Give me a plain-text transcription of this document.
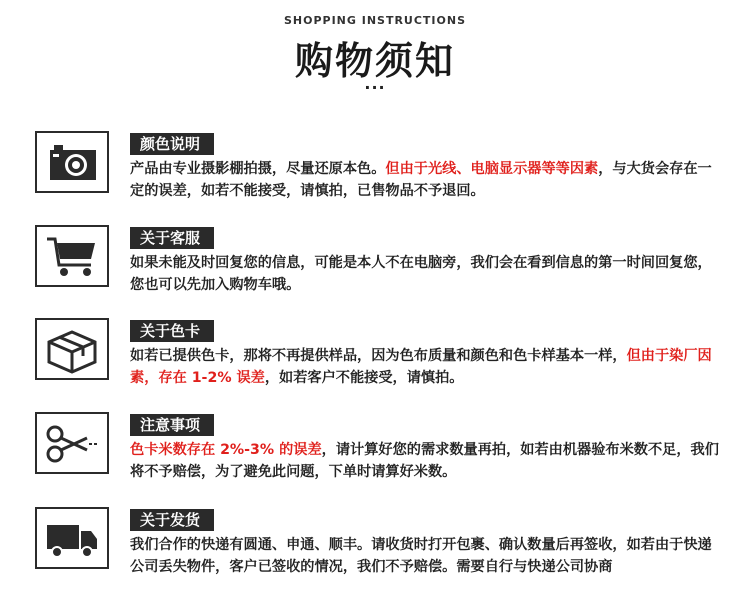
SHOPPING INSTRUCTIONS
购物须知
···
颜色说明
产品由专业摄影棚拍摄，尽量还原本色。但由于光线、电脑显示器等等因素，与大货会存在一定的误差，如若不能接受，请慎拍，已售物品不予退回。
关于客服
如果未能及时回复您的信息，可能是本人不在电脑旁，我们会在看到信息的第一时间回复您，您也可以先加入购物车哦。
关于色卡
如若已提供色卡，那将不再提供样品，因为色布质量和颜色和色卡样基本一样，但由于染厂因素，存在 1-2% 误差，如若客户不能接受，请慎拍。
注意事项
色卡米数存在 2%-3% 的误差，请计算好您的需求数量再拍，如若由机器验布米数不足，我们将不予赔偿，为了避免此问题，下单时请算好米数。
关于发货
我们合作的快递有圆通、申通、顺丰。请收货时打开包裹、确认数量后再签收，如若由于快递公司丢失物件，客户已签收的情况，我们不予赔偿。需要自行与快递公司协商
